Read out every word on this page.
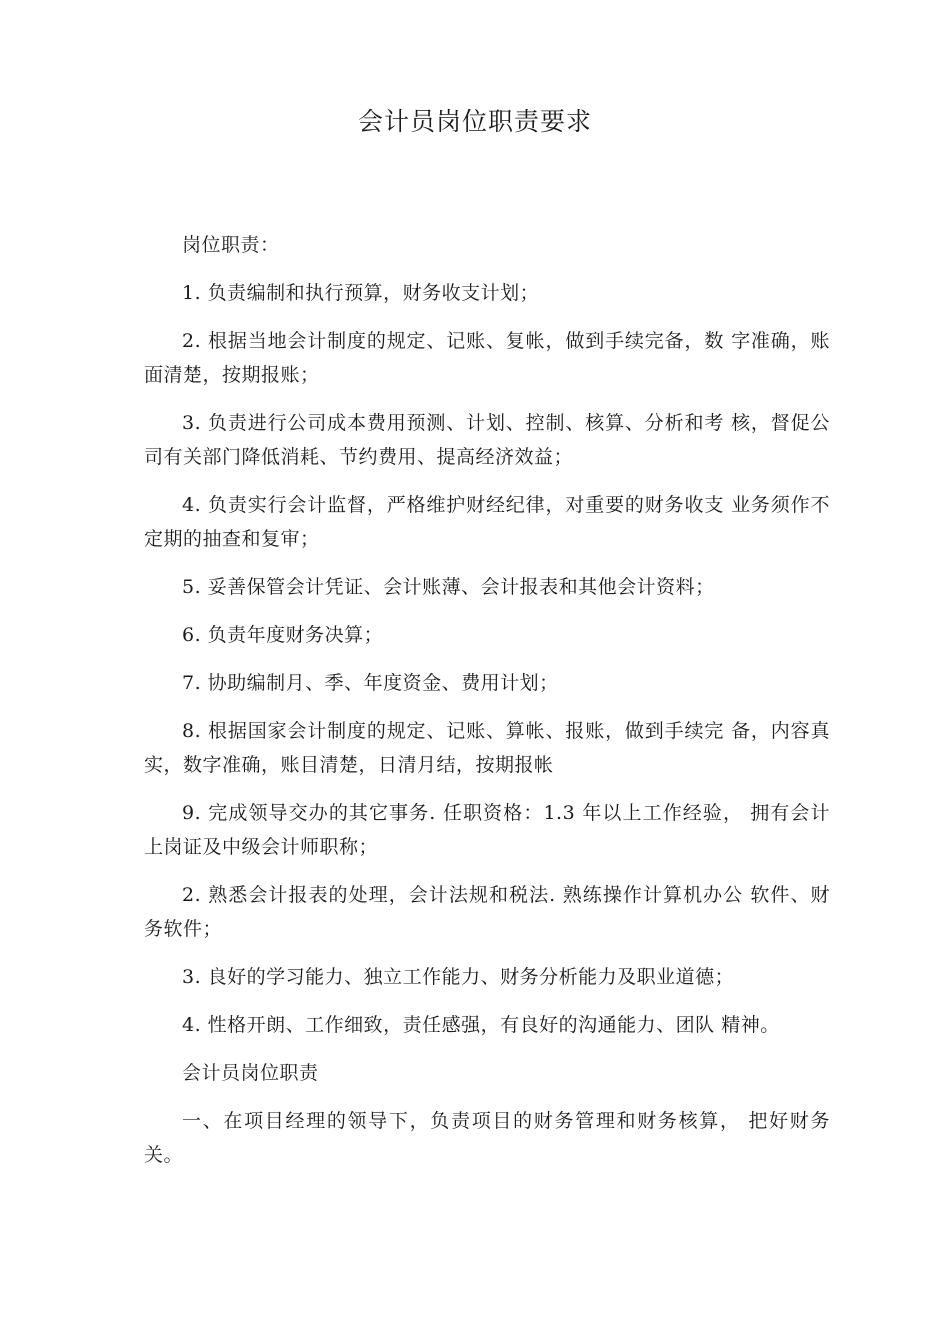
会计员岗位职责要求

岗位职责：

1. 负责编制和执行预算，财务收支计划；

2. 根据当地会计制度的规定、记账、复帐，做到手续完备，数 字准确，账面清楚，按期报账；

3. 负责进行公司成本费用预测、计划、控制、核算、分析和考 核，督促公司有关部门降低消耗、节约费用、提高经济效益；

4. 负责实行会计监督，严格维护财经纪律，对重要的财务收支 业务须作不定期的抽查和复审；

5. 妥善保管会计凭证、会计账薄、会计报表和其他会计资料；

6. 负责年度财务决算；

7. 协助编制月、季、年度资金、费用计划；

8. 根据国家会计制度的规定、记账、算帐、报账，做到手续完 备，内容真实，数字准确，账目清楚，日清月结，按期报帐

9. 完成领导交办的其它事务. 任职资格：1.3 年以上工作经验， 拥有会计上岗证及中级会计师职称；

2. 熟悉会计报表的处理，会计法规和税法. 熟练操作计算机办公 软件、财务软件；

3. 良好的学习能力、独立工作能力、财务分析能力及职业道德；

4. 性格开朗、工作细致，责任感强，有良好的沟通能力、团队 精神。

会计员岗位职责

一、在项目经理的领导下，负责项目的财务管理和财务核算， 把好财务关。
